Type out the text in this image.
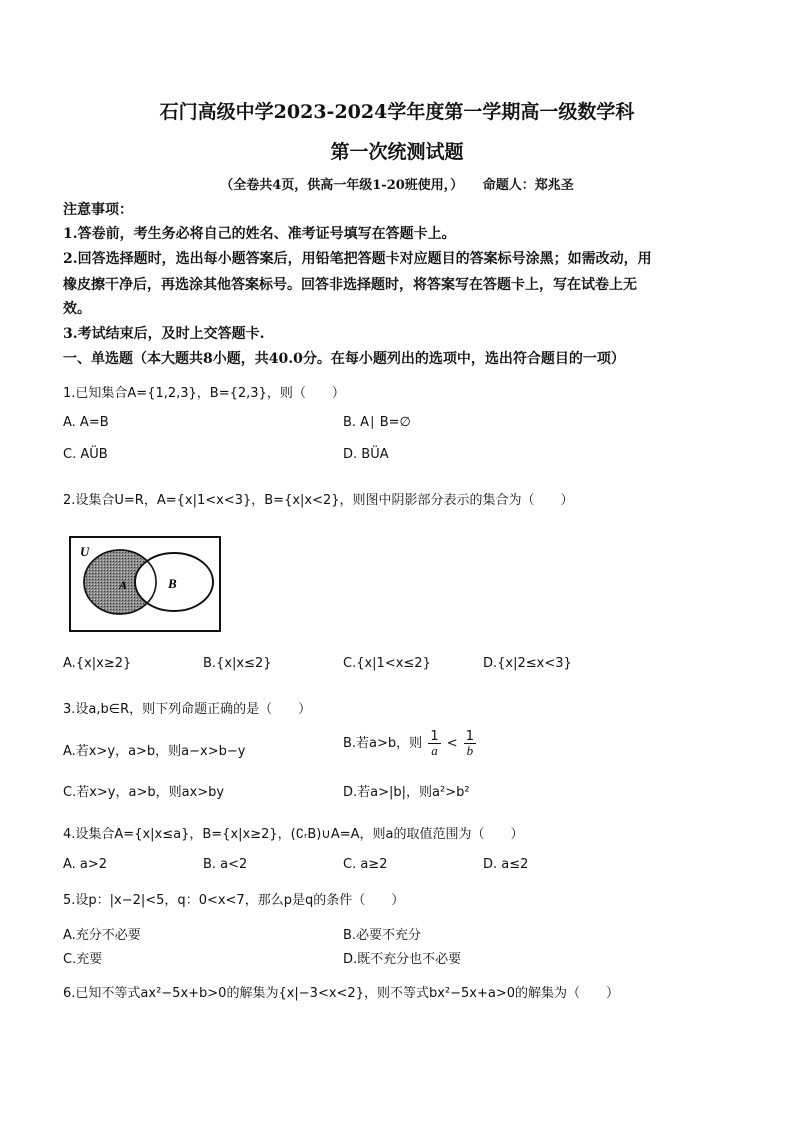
石门高级中学2023-2024学年度第一学期高一级数学科
第一次统测试题
（全卷共4页，供高一年级1-20班使用，）　　命题人：郑兆圣
注意事项：
1.答卷前，考生务必将自己的姓名、准考证号填写在答题卡上。
2.回答选择题时，选出每小题答案后，用铅笔把答题卡对应题目的答案标号涂黑；如需改动，用
橡皮擦干净后，再选涂其他答案标号。回答非选择题时，将答案写在答题卡上，写在试卷上无
效。
3.考试结束后，及时上交答题卡.
一、单选题（本大题共8小题，共40.0分。在每小题列出的选项中，选出符合题目的一项）
1.已知集合A={1,2,3}，B={2,3}，则（　　）
A. A=B	B. A∣ B=∅
C. AÜB	D. BÜA
2.设集合U=R，A={x|1<x<3}，B={x|x<2}，则图中阴影部分表示的集合为（　　）
U
A	B
A.{x|x≥2}	B.{x|x≤2}	C.{x|1<x≤2}	D.{x|2≤x<3}
3.设a,b∈R，则下列命题正确的是（　　）
A.若x>y，a>b，则a−x>b−y
B.若a>b，则 $\frac{1}{a} < \frac{1}{b}$
C.若x>y，a>b，则ax>by	D.若a>|b|，则a²>b²
4.设集合A={x|x≤a}，B={x|x≥2}，(∁ᵣB)∪A=A，则a的取值范围为（　　）
A. a>2	B. a<2	C. a≥2	D. a≤2
5.设p：|x−2|<5，q：0<x<7，那么p是q的条件（　　）
A.充分不必要	B.必要不充分
C.充要	D.既不充分也不必要
6.已知不等式ax²−5x+b>0的解集为{x|−3<x<2}，则不等式bx²−5x+a>0的解集为（　　）
